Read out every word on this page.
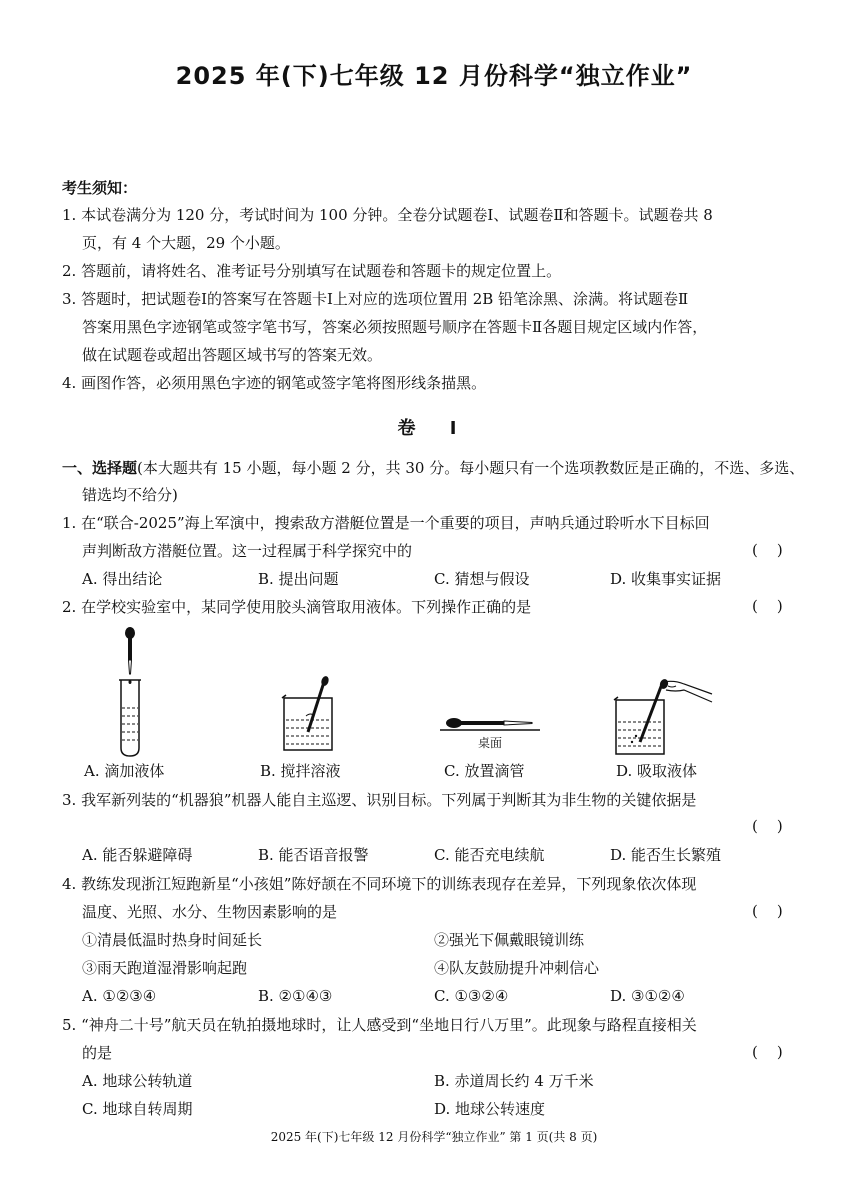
2025 年(下)七年级 12 月份科学“独立作业”
考生须知：
1. 本试卷满分为 120 分，考试时间为 100 分钟。全卷分试题卷Ⅰ、试题卷Ⅱ和答题卡。试题卷共 8
页，有 4 个大题，29 个小题。
2. 答题前，请将姓名、准考证号分别填写在试题卷和答题卡的规定位置上。
3. 答题时，把试题卷Ⅰ的答案写在答题卡Ⅰ上对应的选项位置用 2B 铅笔涂黑、涂满。将试题卷Ⅱ
答案用黑色字迹钢笔或签字笔书写，答案必须按照题号顺序在答题卡Ⅱ各题目规定区域内作答，
做在试题卷或超出答题区域书写的答案无效。
4. 画图作答，必须用黑色字迹的钢笔或签字笔将图形线条描黑。
卷 Ⅰ
一、选择题(本大题共有 15 小题，每小题 2 分，共 30 分。每小题只有一个选项教数匠是正确的，不选、多选、
错选均不给分)
1. 在“联合-2025”海上军演中，搜索敌方潜艇位置是一个重要的项目，声呐兵通过聆听水下目标回
声判断敌方潜艇位置。这一过程属于科学探究中的	(    )
A. 得出结论	B. 提出问题	C. 猜想与假设	D. 收集事实证据
2. 在学校实验室中，某同学使用胶头滴管取用液体。下列操作正确的是	(    )
桌面
A. 滴加液体	B. 搅拌溶液	C. 放置滴管	D. 吸取液体
3. 我军新列装的“机器狼”机器人能自主巡逻、识别目标。下列属于判断其为非生物的关键依据是
(    )
A. 能否躲避障碍	B. 能否语音报警	C. 能否充电续航	D. 能否生长繁殖
4. 教练发现浙江短跑新星“小孩姐”陈妤颉在不同环境下的训练表现存在差异，下列现象依次体现
温度、光照、水分、生物因素影响的是	(    )
①清晨低温时热身时间延长	②强光下佩戴眼镜训练
③雨天跑道湿滑影响起跑	④队友鼓励提升冲刺信心
A. ①②③④	B. ②①④③	C. ①③②④	D. ③①②④
5. “神舟二十号”航天员在轨拍摄地球时，让人感受到“坐地日行八万里”。此现象与路程直接相关
的是	(    )
A. 地球公转轨道	B. 赤道周长约 4 万千米
C. 地球自转周期	D. 地球公转速度
2025 年(下)七年级 12 月份科学“独立作业” 第 1 页(共 8 页)
